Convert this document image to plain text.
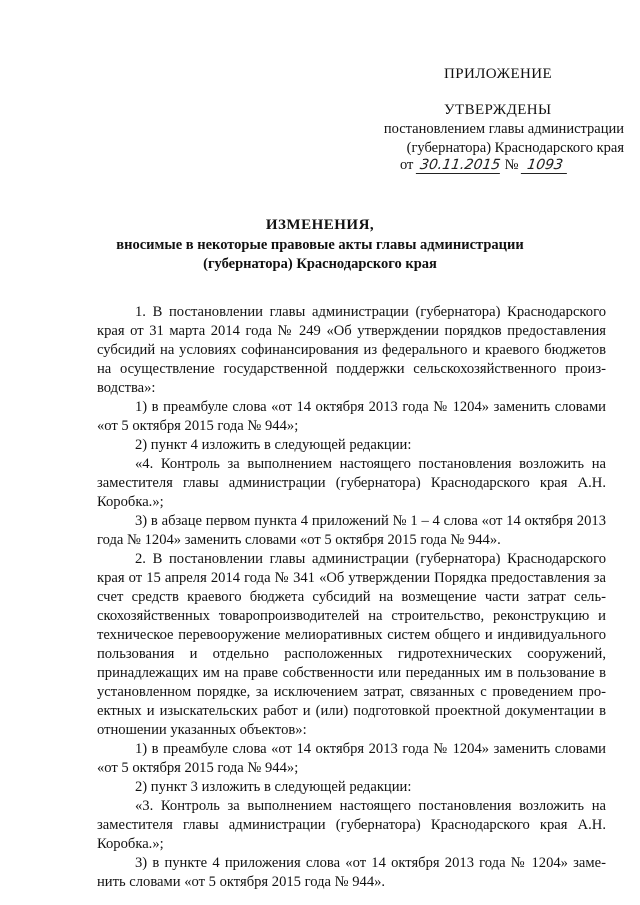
ПРИЛОЖЕНИЕ
УТВЕРЖДЕНЫ
постановлением главы администрации
(губернатора) Краснодарского края
от 30.11.2015 № 1093
ИЗМЕНЕНИЯ,
вносимые в некоторые правовые акты главы администрации
(губернатора) Краснодарского края

1. В постановлении главы администрации (губернатора) Краснодарского края от 31 марта 2014 года № 249 «Об утверждении порядков предоставления субсидий на условиях софинансирования из федерального и краевого бюджетов на осуществление государственной поддержки сельскохозяйственного производства»:

1) в преамбуле слова «от 14 октября 2013 года № 1204» заменить словами «от 5 октября 2015 года № 944»;

2) пункт 4 изложить в следующей редакции:

«4. Контроль за выполнением настоящего постановления возложить на заместителя главы администрации (губернатора) Краснодарского края А.Н. Коробка.»;

3) в абзаце первом пункта 4 приложений № 1 – 4 слова «от 14 октября 2013 года № 1204» заменить словами «от 5 октября 2015 года № 944».

2. В постановлении главы администрации (губернатора) Краснодарского края от 15 апреля 2014 года № 341 «Об утверждении Порядка предоставления за счет средств краевого бюджета субсидий на возмещение части затрат сельскохозяйственных товаропроизводителей на строительство, реконструкцию и техническое перевооружение мелиоративных систем общего и индивидуального пользования и отдельно расположенных гидротехнических сооружений, принадлежащих им на праве собственности или переданных им в пользование в установленном порядке, за исключением затрат, связанных с проведением проектных и изыскательских работ и (или) подготовкой проектной документации в отношении указанных объектов»:

1) в преамбуле слова «от 14 октября 2013 года № 1204» заменить словами «от 5 октября 2015 года № 944»;

2) пункт 3 изложить в следующей редакции:

«3. Контроль за выполнением настоящего постановления возложить на заместителя главы администрации (губернатора) Краснодарского края А.Н. Коробка.»;

3) в пункте 4 приложения слова «от 14 октября 2013 года № 1204» заменить словами «от 5 октября 2015 года № 944».
